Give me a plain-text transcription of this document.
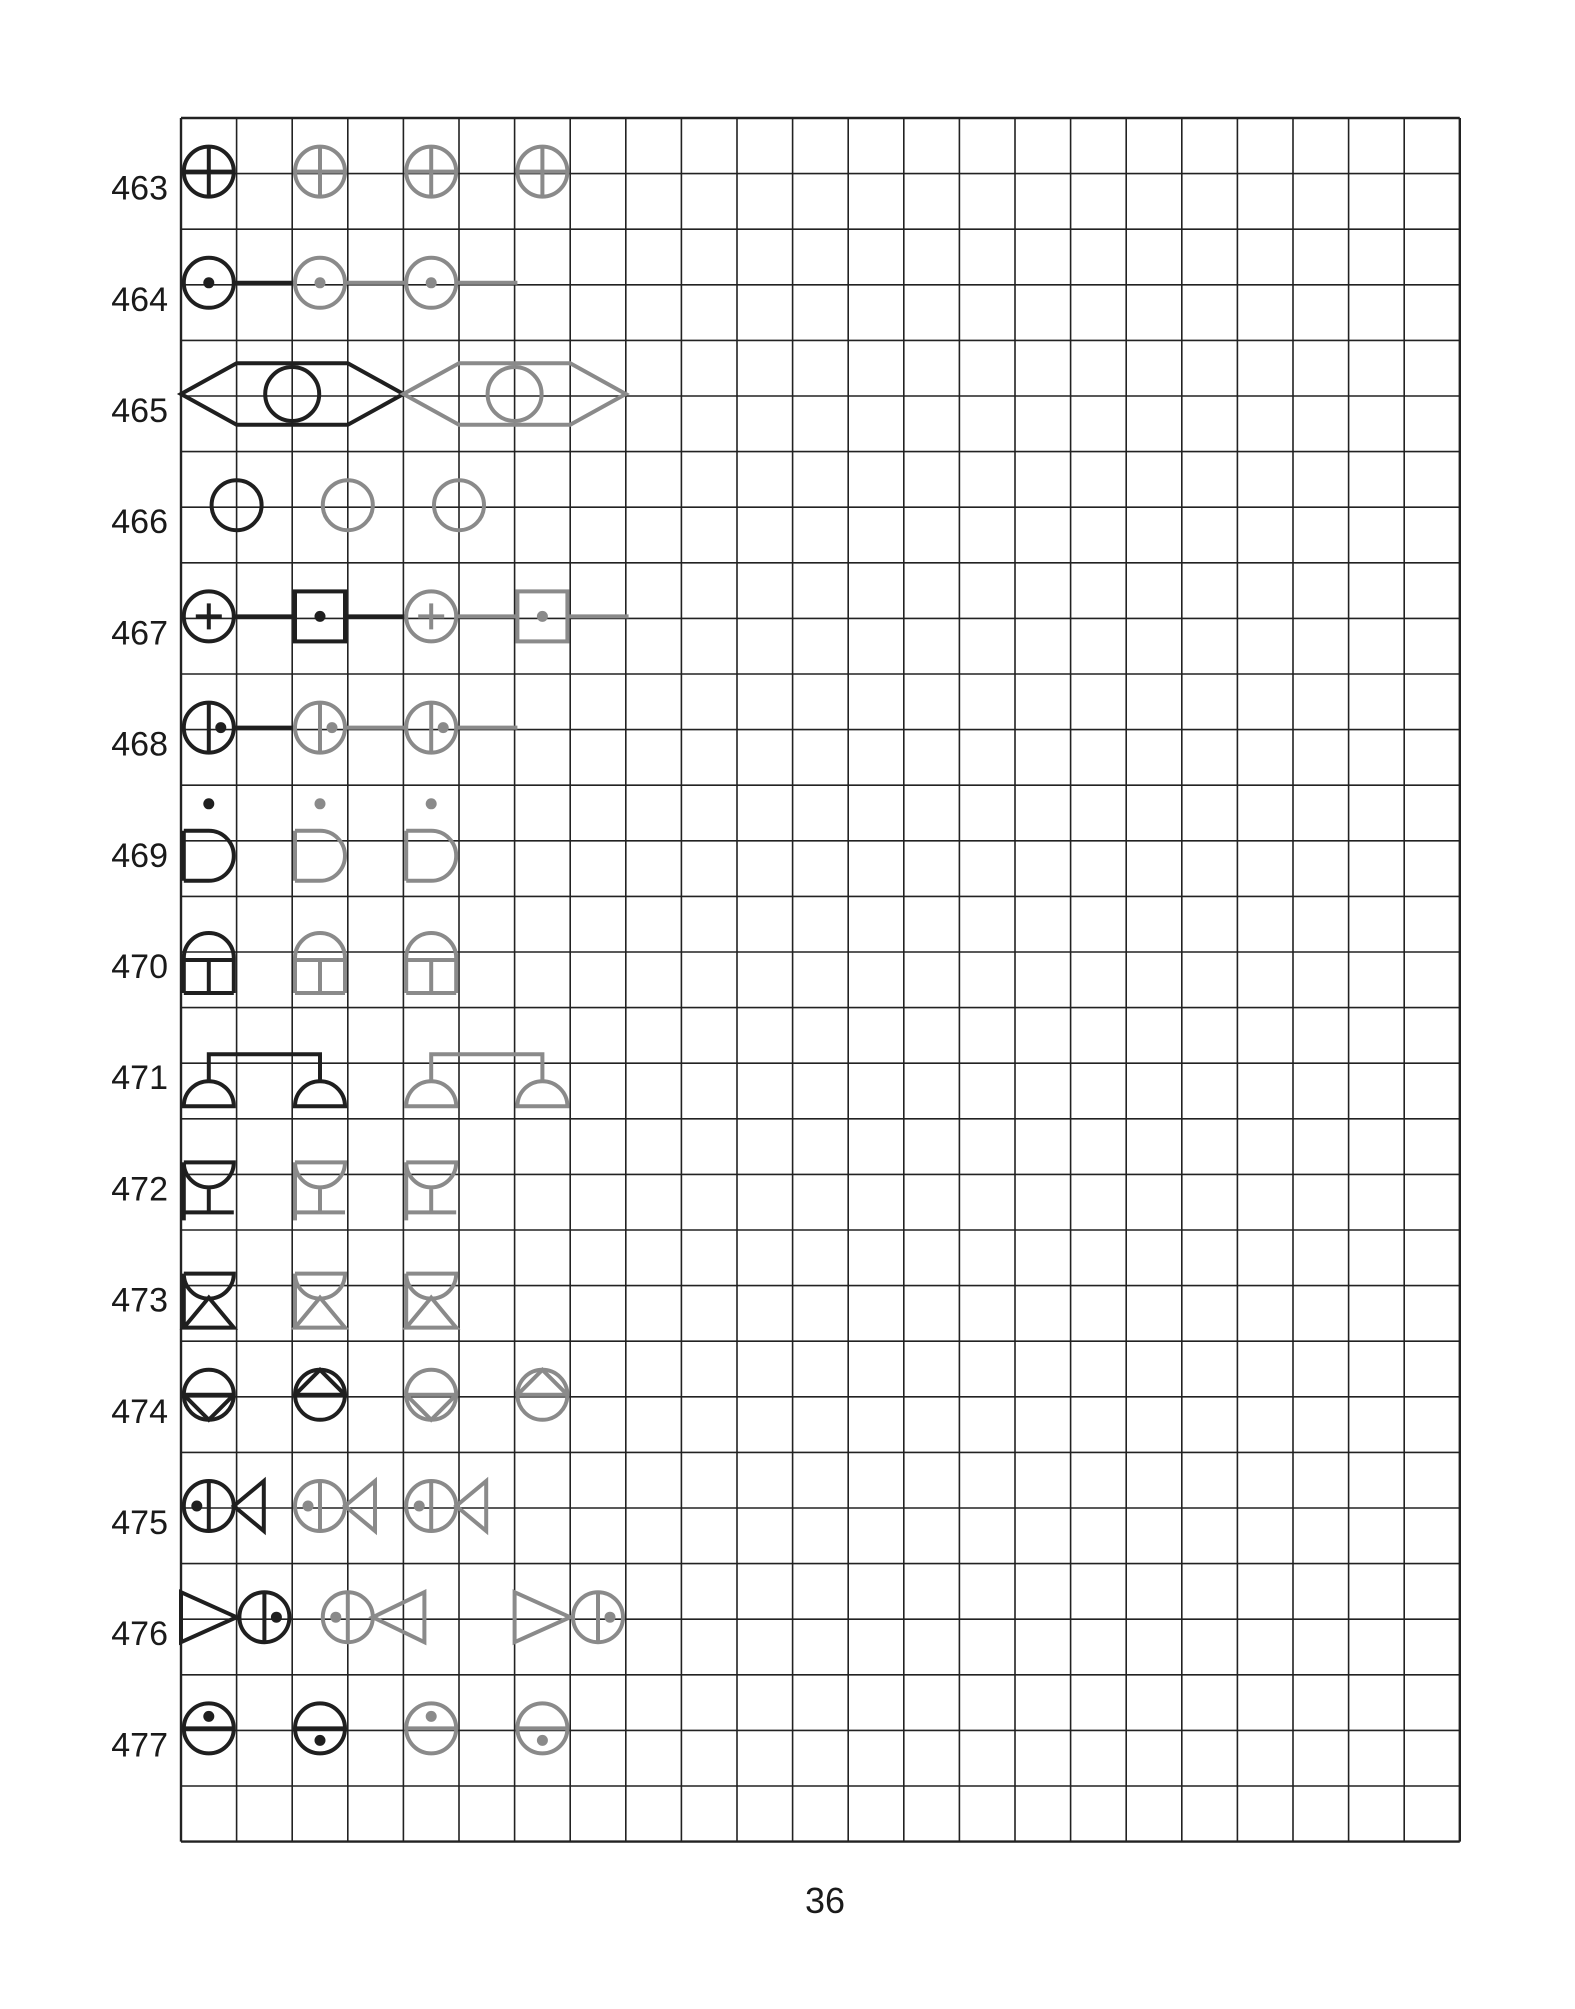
463
464
465
466
467
468
469
470
471
472
473
474
475
476
477
36
